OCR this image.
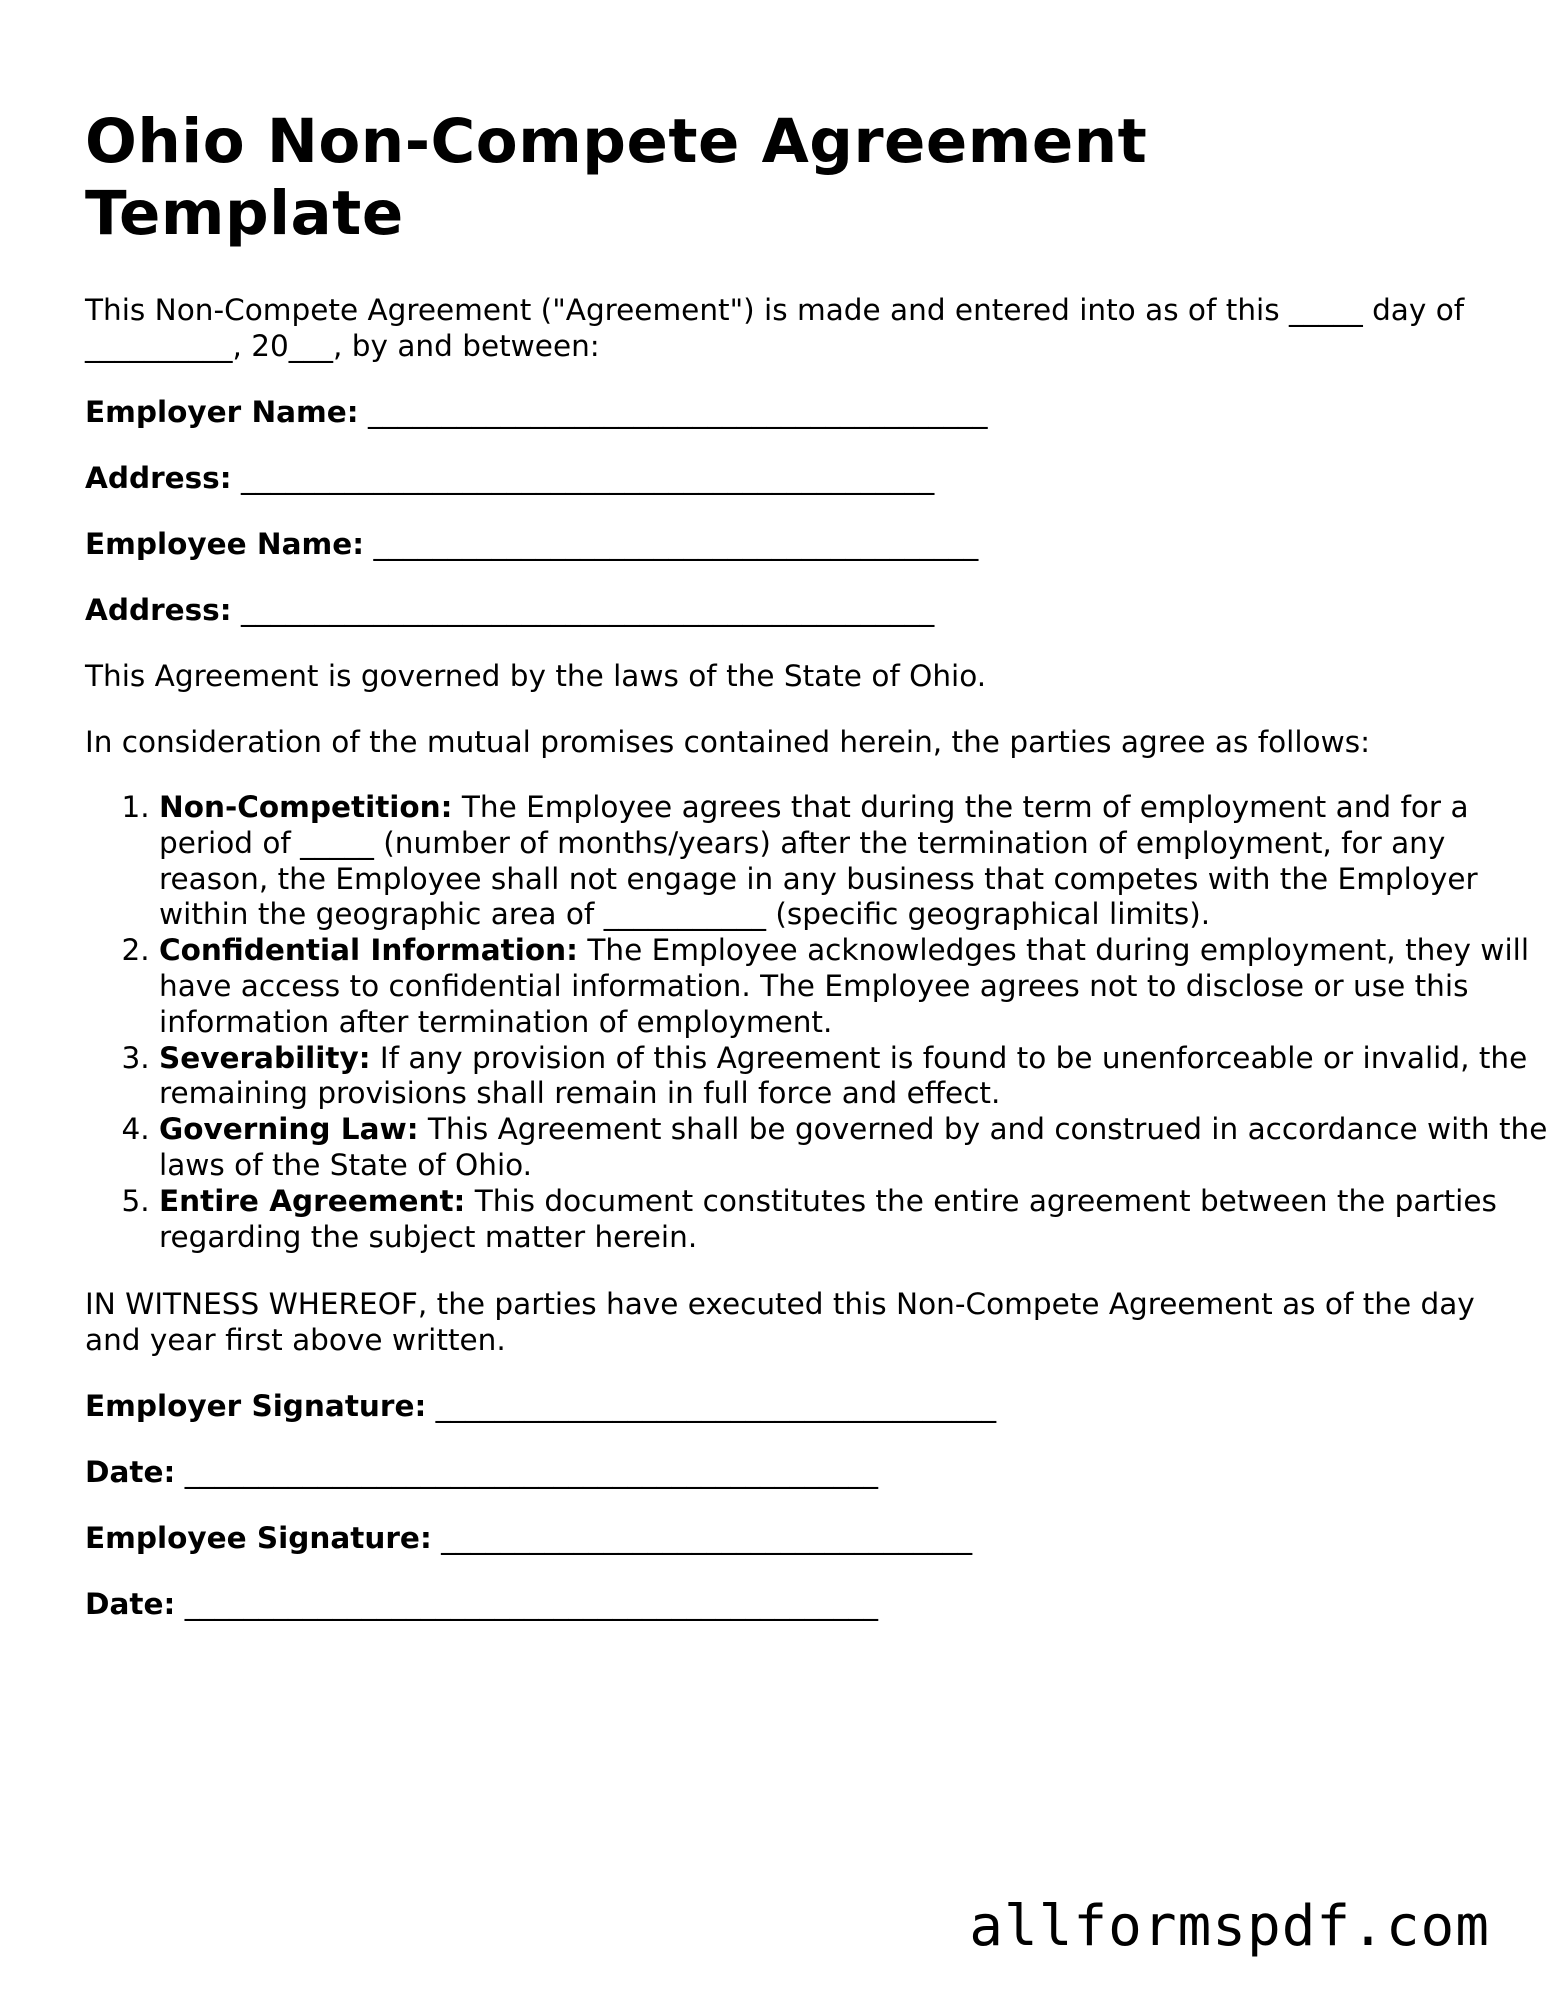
Ohio Non-Compete Agreement Template

This Non-Compete Agreement ("Agreement") is made and entered into as of this _____ day of __________, 20___, by and between:

Employer Name: __________________________________________

Address: _______________________________________________

Employee Name: _________________________________________

Address: _______________________________________________

This Agreement is governed by the laws of the State of Ohio.

In consideration of the mutual promises contained herein, the parties agree as follows:

1. Non-Competition: The Employee agrees that during the term of employment and for a period of _____ (number of months/years) after the termination of employment, for any reason, the Employee shall not engage in any business that competes with the Employer within the geographic area of ___________ (specific geographical limits).
2. Confidential Information: The Employee acknowledges that during employment, they will have access to confidential information. The Employee agrees not to disclose or use this information after termination of employment.
3. Severability: If any provision of this Agreement is found to be unenforceable or invalid, the remaining provisions shall remain in full force and effect.
4. Governing Law: This Agreement shall be governed by and construed in accordance with the laws of the State of Ohio.
5. Entire Agreement: This document constitutes the entire agreement between the parties regarding the subject matter herein.

IN WITNESS WHEREOF, the parties have executed this Non-Compete Agreement as of the day and year first above written.

Employer Signature: ______________________________________

Date: _______________________________________________

Employee Signature: ____________________________________

Date: _______________________________________________

allformspdf.com
